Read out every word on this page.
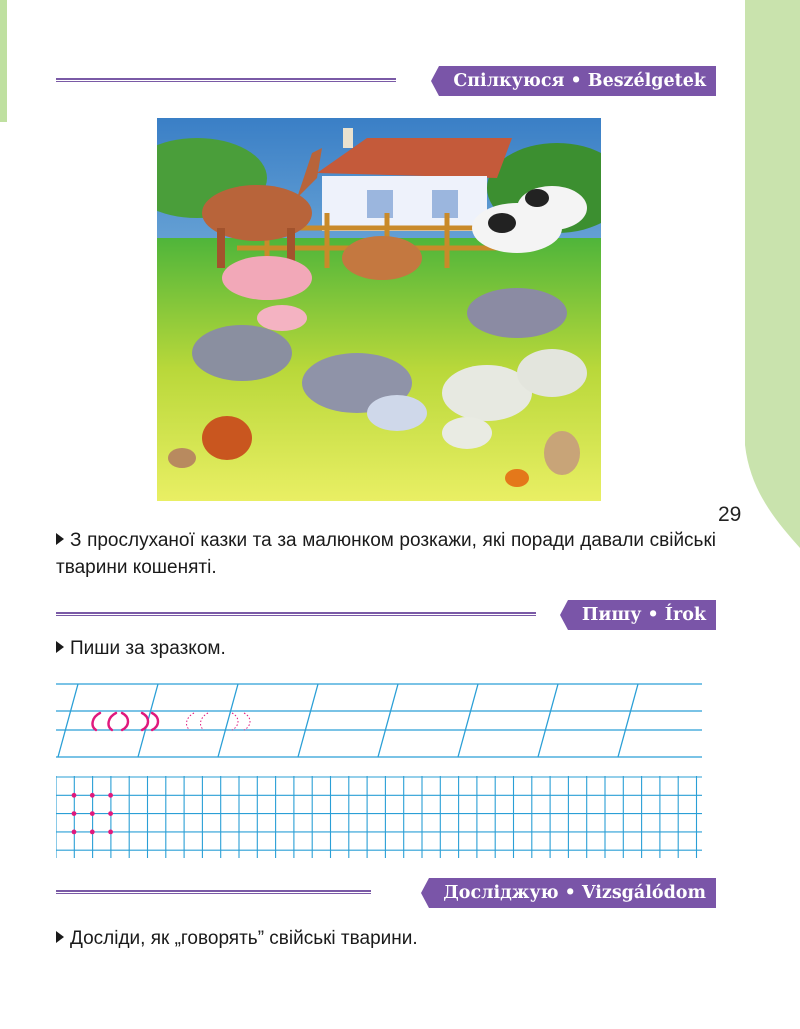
29
Спілкуюся • Beszélgetek
З прослуханої казки та за малюнком розкажи, які поради давали свійські тварини кошеняті.
Пишу • Írok
Пиши за зразком.
Досліджую • Vizsgálódom
Досліди, як „говорять” свійські тварини.
